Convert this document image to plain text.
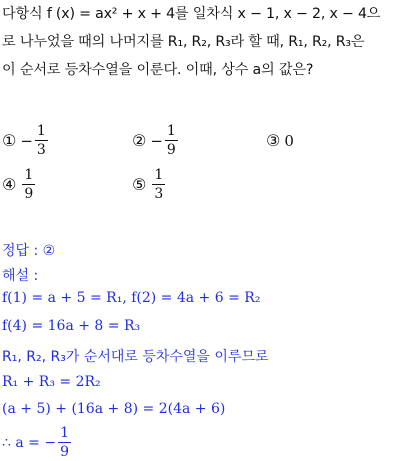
다항식 f (x) = ax² + x + 4를 일차식 x − 1, x − 2, x − 4으
로 나누었을 때의 나머지를 R₁, R₂, R₃라 할 때, R₁, R₂, R₃은
이 순서로 등차수열을 이룬다. 이때, 상수 a의 값은?
① − $\frac{1}{3}$	② − $\frac{1}{9}$	③ 0
④ $\frac{1}{9}$	⑤ $\frac{1}{3}$
정답 : ②
해설 :
f(1) = a + 5 = R₁, f(2) = 4a + 6 = R₂
f(4) = 16a + 8 = R₃
R₁, R₂, R₃가 순서대로 등차수열을 이루므로
R₁ + R₃ = 2R₂
(a + 5) + (16a + 8) = 2(4a + 6)
∴ a = − $\frac{1}{9}$
